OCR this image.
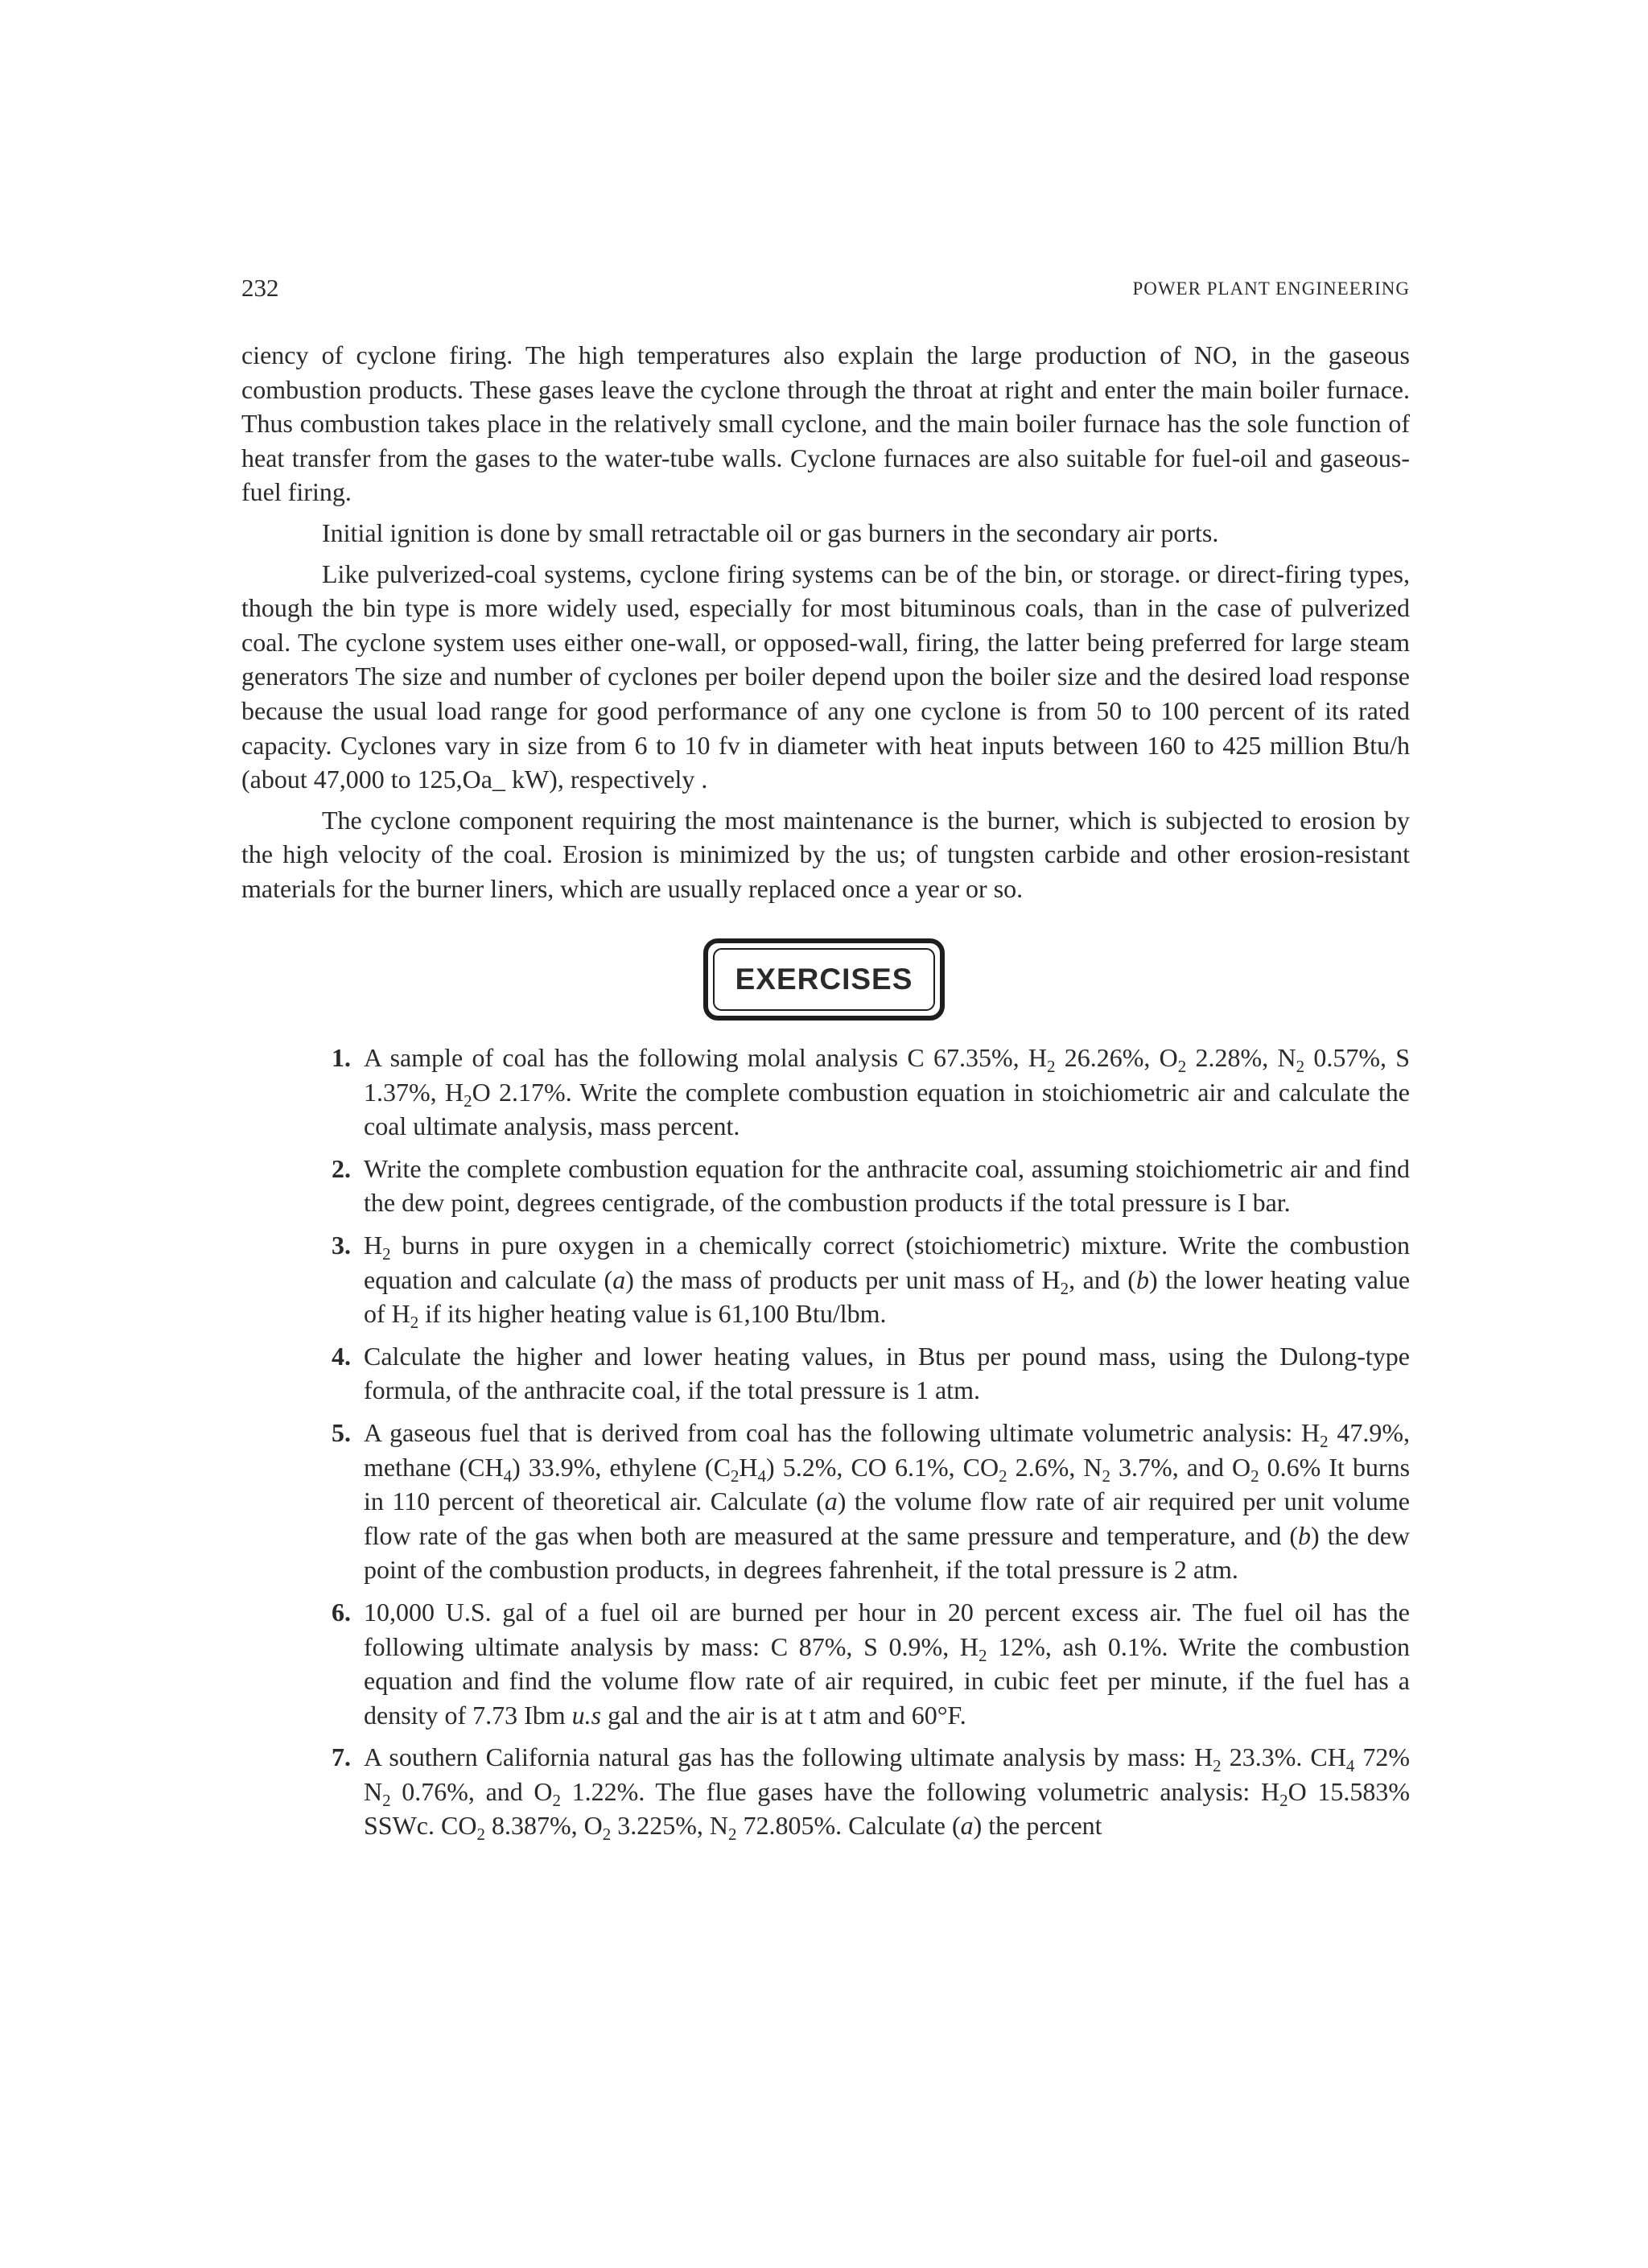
232	POWER PLANT ENGINEERING

ciency of cyclone firing. The high temperatures also explain the large production of NO, in the gaseous combustion products. These gases leave the cyclone through the throat at right and enter the main boiler furnace. Thus combustion takes place in the relatively small cyclone, and the main boiler furnace has the sole function of heat transfer from the gases to the water-tube walls. Cyclone furnaces are also suitable for fuel-oil and gaseous-fuel firing.

Initial ignition is done by small retractable oil or gas burners in the secondary air ports.

Like pulverized-coal systems, cyclone firing systems can be of the bin, or storage. or direct-firing types, though the bin type is more widely used, especially for most bituminous coals, than in the case of pulverized coal. The cyclone system uses either one-wall, or opposed-wall, firing, the latter being preferred for large steam generators The size and number of cyclones per boiler depend upon the boiler size and the desired load response because the usual load range for good performance of any one cyclone is from 50 to 100 percent of its rated capacity. Cyclones vary in size from 6 to 10 fv in diameter with heat inputs between 160 to 425 million Btu/h (about 47,000 to 125,Oa_ kW), respectively .

The cyclone component requiring the most maintenance is the burner, which is subjected to erosion by the high velocity of the coal. Erosion is minimized by the us; of tungsten carbide and other erosion-resistant materials for the burner liners, which are usually replaced once a year or so.

EXERCISES
1. A sample of coal has the following molal analysis C 67.35%, $H_2$ 26.26%, $O_2$ 2.28%, $N_2$ 0.57%, S 1.37%, $H_2O$ 2.17%. Write the complete combustion equation in stoichiometric air and calculate the coal ultimate analysis, mass percent.
2. Write the complete combustion equation for the anthracite coal, assuming stoichiometric air and find the dew point, degrees centigrade, of the combustion products if the total pressure is I bar.
3. $H_2$ burns in pure oxygen in a chemically correct (stoichiometric) mixture. Write the combustion equation and calculate (a) the mass of products per unit mass of $H_2$, and (b) the lower heating value of $H_2$ if its higher heating value is 61,100 Btu/lbm.
4. Calculate the higher and lower heating values, in Btus per pound mass, using the Dulong-type formula, of the anthracite coal, if the total pressure is 1 atm.
5. A gaseous fuel that is derived from coal has the following ultimate volumetric analysis: $H_2$ 47.9%, methane $(CH_4)$ 33.9%, ethylene $(C_2H_4)$ 5.2%, CO 6.1%, $CO_2$ 2.6%, $N_2$ 3.7%, and $O_2$ 0.6% It burns in 110 percent of theoretical air. Calculate (a) the volume flow rate of air required per unit volume flow rate of the gas when both are measured at the same pressure and temperature, and (b) the dew point of the combustion products, in degrees fahrenheit, if the total pressure is 2 atm.
6. 10,000 U.S. gal of a fuel oil are burned per hour in 20 percent excess air. The fuel oil has the following ultimate analysis by mass: C 87%, S 0.9%, $H_2$ 12%, ash 0.1%. Write the combustion equation and find the volume flow rate of air required, in cubic feet per minute, if the fuel has a density of 7.73 Ibm u.s gal and the air is at t atm and 60°F.
7. A southern California natural gas has the following ultimate analysis by mass: $H_2$ 23.3%. $CH_4$ 72% $N_2$ 0.76%, and $O_2$ 1.22%. The flue gases have the following volumetric analysis: $H_2O$ 15.583% SSWc. $CO_2$ 8.387%, $O_2$ 3.225%, $N_2$ 72.805%. Calculate (a) the percent
